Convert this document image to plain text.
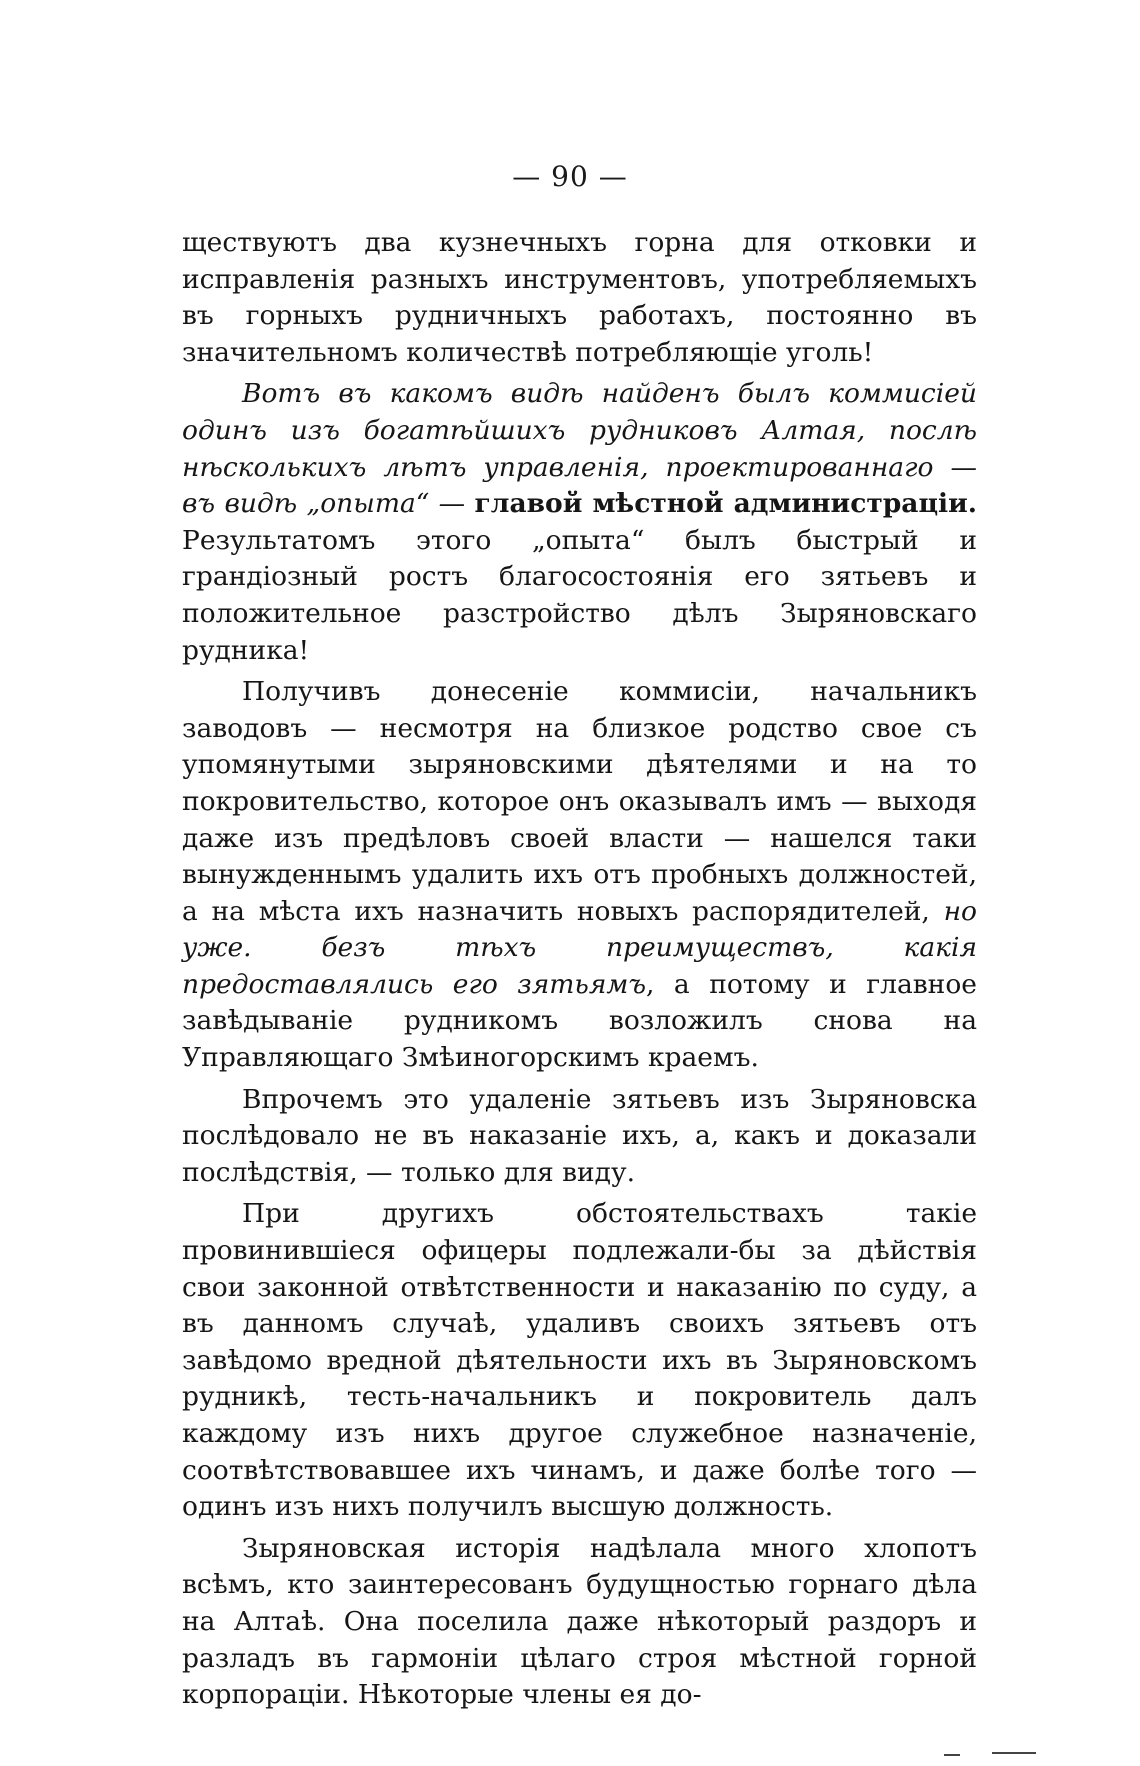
— 90 —

ществуютъ два кузнечныхъ горна для отковки и исправленія разныхъ инструментовъ, употребляемыхъ въ горныхъ рудничныхъ работахъ, постоянно въ значительномъ количествѣ потребляющіе уголь!

Вотъ въ какомъ видѣ найденъ былъ коммисіей одинъ изъ богатѣйшихъ рудниковъ Алтая, послѣ нѣсколькихъ лѣтъ управленія, проектированнаго — въ видѣ „опыта“ — главой мѣстной администраціи. Результатомъ этого „опыта“ былъ быстрый и грандіозный ростъ благосостоянія его зятьевъ и положительное разстройство дѣлъ Зыряновскаго рудника!

Получивъ донесеніе коммисіи, начальникъ заводовъ — несмотря на близкое родство свое съ упомянутыми зыряновскими дѣятелями и на то покровительство, которое онъ оказывалъ имъ — выходя даже изъ предѣловъ своей власти — нашелся таки вынужденнымъ удалить ихъ отъ пробныхъ должностей, а на мѣста ихъ назначить новыхъ распорядителей, но уже. безъ тѣхъ преимуществъ, какія предоставлялись его зятьямъ, а потому и главное завѣдываніе рудникомъ возложилъ снова на Управляющаго Змѣиногорскимъ краемъ.

Впрочемъ это удаленіе зятьевъ изъ Зыряновска послѣдовало не въ наказаніе ихъ, а, какъ и доказали послѣдствія, — только для виду.

При другихъ обстоятельствахъ такіе провинившіеся офицеры подлежали-бы за дѣйствія свои законной отвѣтственности и наказанію по суду, а въ данномъ случаѣ, удаливъ своихъ зятьевъ отъ завѣдомо вредной дѣятельности ихъ въ Зыряновскомъ рудникѣ, тесть-начальникъ и покровитель далъ каждому изъ нихъ другое служебное назначеніе, соотвѣтствовавшее ихъ чинамъ, и даже болѣе того — одинъ изъ нихъ получилъ высшую должность.

Зыряновская исторія надѣлала много хлопотъ всѣмъ, кто заинтересованъ будущностью горнаго дѣла на Алтаѣ. Она поселила даже нѣкоторый раздоръ и разладъ въ гармоніи цѣлаго строя мѣстной горной корпораціи. Нѣкоторые члены ея до-
